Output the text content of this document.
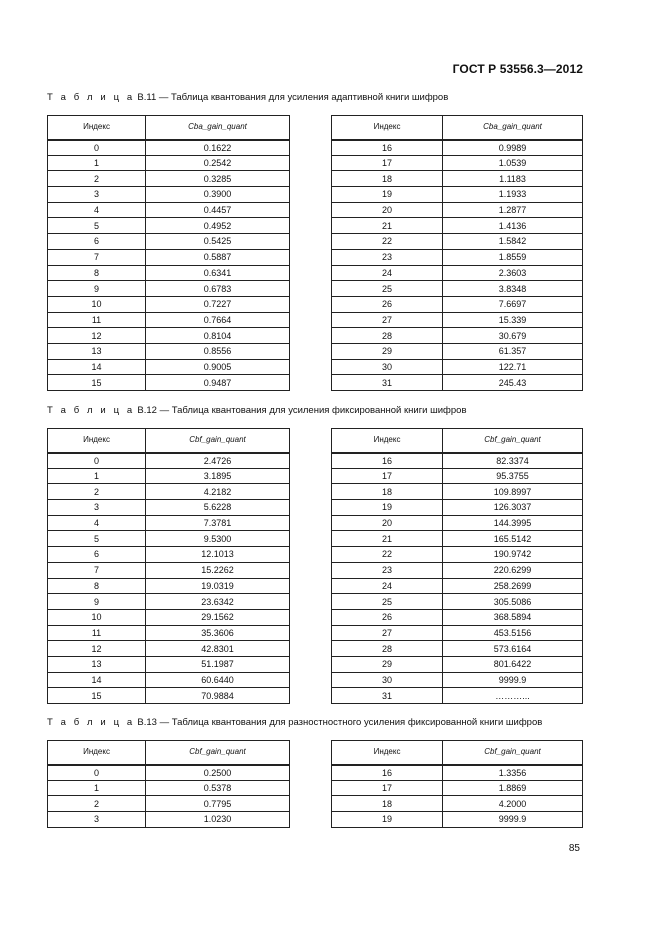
ГОСТ Р 53556.3—2012
Т а б л и ц а В.11 — Таблица квантования для усиления адаптивной книги шифров
Индекс	Cba_gain_quant
0	0.1622
1	0.2542
2	0.3285
3	0.3900
4	0.4457
5	0.4952
6	0.5425
7	0.5887
8	0.6341
9	0.6783
10	0.7227
11	0.7664
12	0.8104
13	0.8556
14	0.9005
15	0.9487
Индекс	Cba_gain_quant
16	0.9989
17	1.0539
18	1.1183
19	1.1933
20	1.2877
21	1.4136
22	1.5842
23	1.8559
24	2.3603
25	3.8348
26	7.6697
27	15.339
28	30.679
29	61.357
30	122.71
31	245.43
Т а б л и ц а В.12 — Таблица квантования для усиления фиксированной книги шифров
Индекс	Cbf_gain_quant
0	2.4726
1	3.1895
2	4.2182
3	5.6228
4	7.3781
5	9.5300
6	12.1013
7	15.2262
8	19.0319
9	23.6342
10	29.1562
11	35.3606
12	42.8301
13	51.1987
14	60.6440
15	70.9884
Индекс	Cbf_gain_quant
16	82.3374
17	95.3755
18	109.8997
19	126.3037
20	144.3995
21	165.5142
22	190.9742
23	220.6299
24	258.2699
25	305.5086
26	368.5894
27	453.5156
28	573.6164
29	801.6422
30	9999.9
31	………...
Т а б л и ц а В.13 — Таблица квантования для разностностного усиления фиксированной книги шифров
Индекс	Cbf_gain_quant
0	0.2500
1	0.5378
2	0.7795
3	1.0230
Индекс	Cbf_gain_quant
16	1.3356
17	1.8869
18	4.2000
19	9999.9
85
